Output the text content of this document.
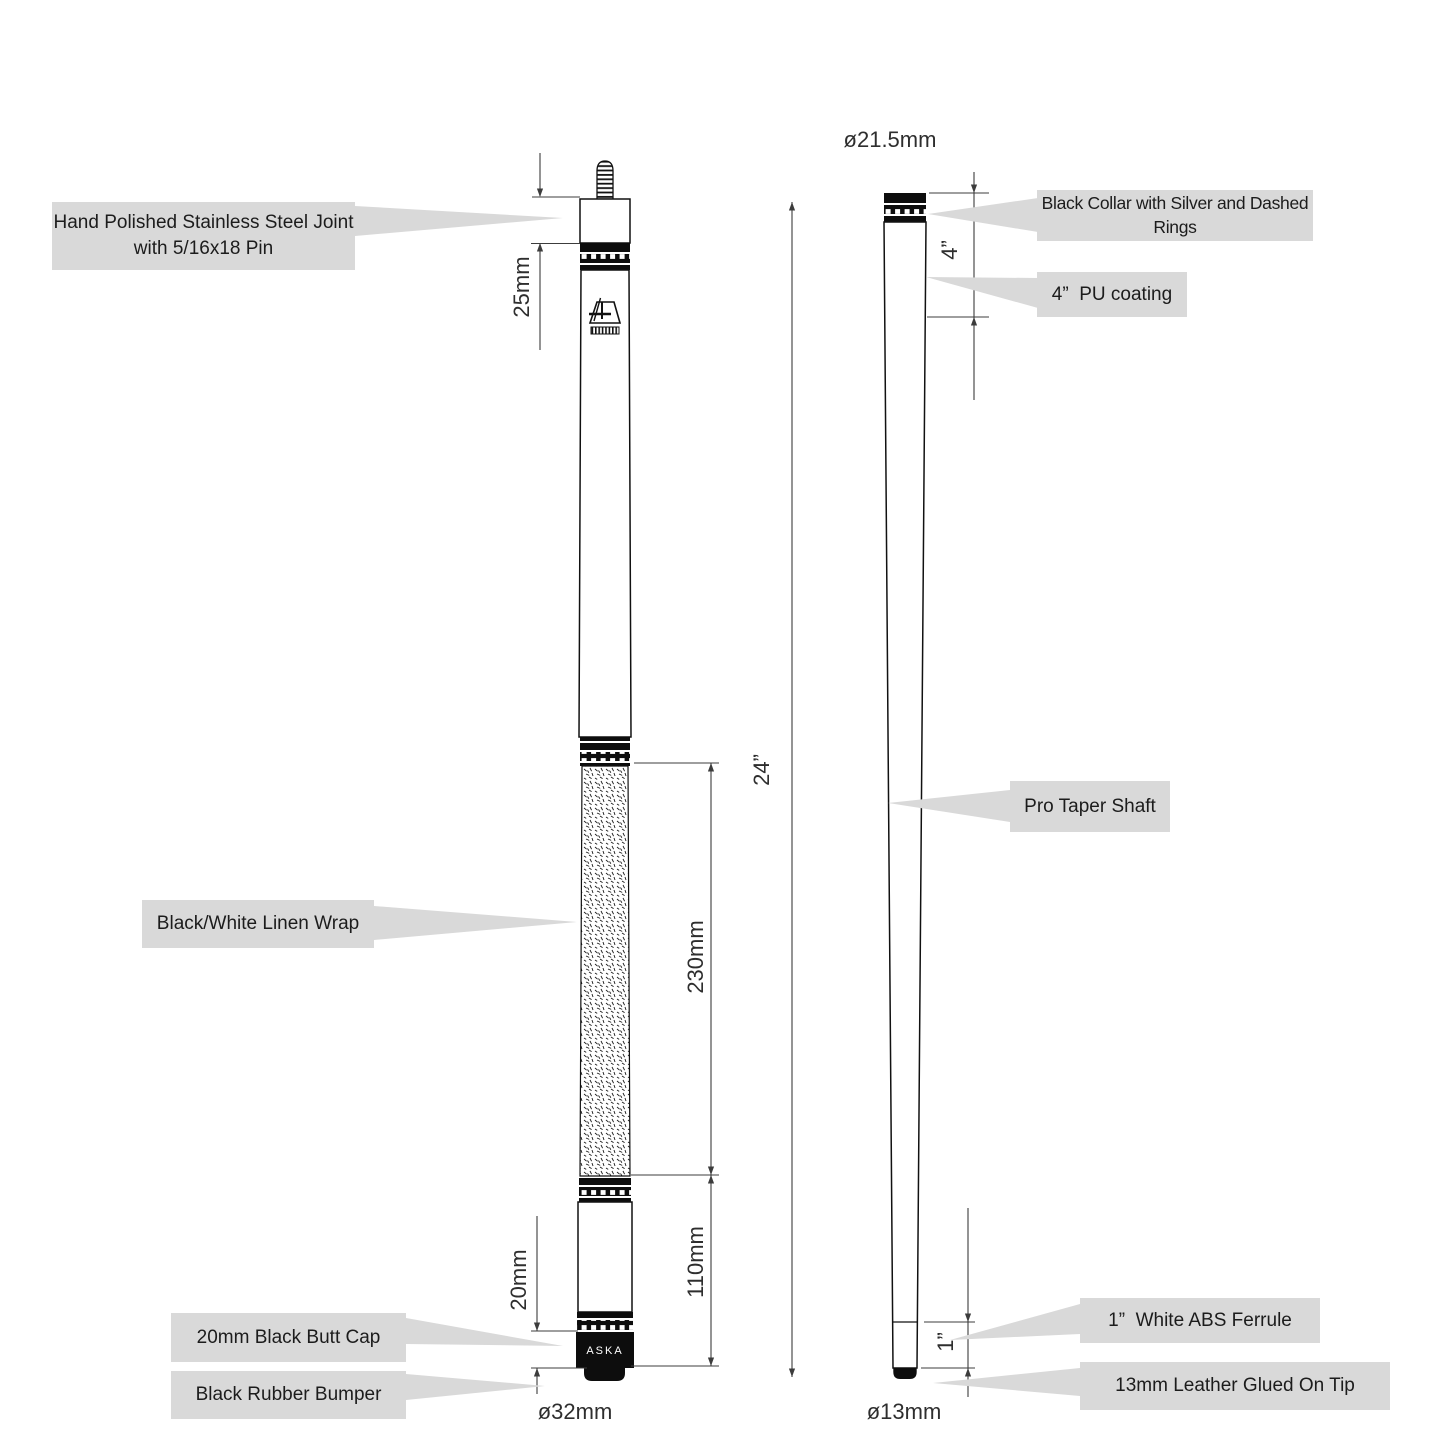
Hand Polished Stainless Steel Joint
with 5/16x18 Pin
Black Collar with Silver and Dashed Rings
4”  PU coating
Pro Taper Shaft
Black/White Linen Wrap
20mm Black Butt Cap
Black Rubber Bumper
1”  White ABS Ferrule
13mm Leather Glued On Tip
25mm
4”
24”
230mm
110mm
20mm
1”
ø21.5mm
ø32mm	ø13mm
ASKA
